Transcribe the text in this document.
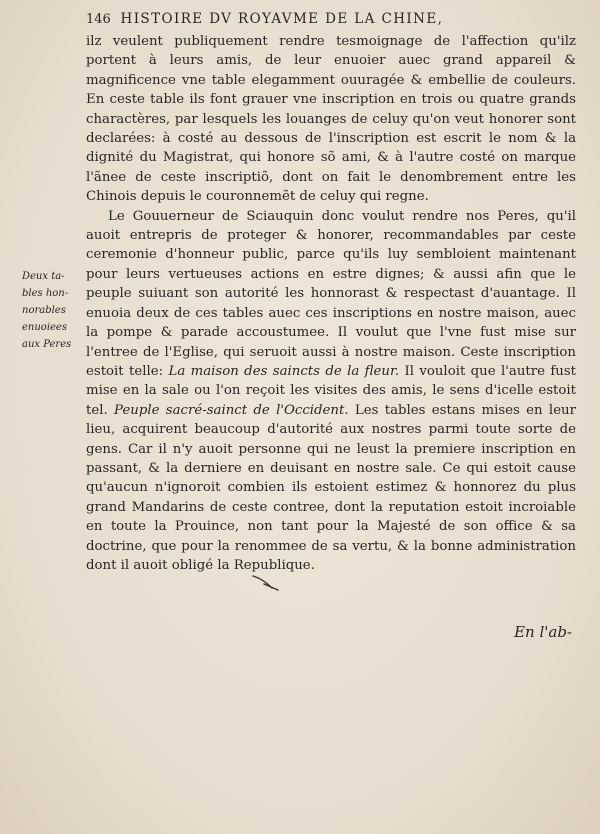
146 HISTOIRE DV ROYAVME DE LA CHINE,

ilz veulent publiquement rendre tesmoignage de l'affection qu'ilz portent à leurs amis, de leur enuoier auec grand appareil & magnificence vne table elegamment ouuragée & embellie de couleurs. En ceste table ils font grauer vne inscription en trois ou quatre grands charactères, par lesquels les louanges de celuy qu'on veut honorer sont declarées: à costé au dessous de l'inscription est escrit le nom & la dignité du Magistrat, qui honore sõ ami, & à l'autre costé on marque l'ãnee de ceste inscriptiõ, dont on fait le denombrement entre les Chinois depuis le couronnemẽt de celuy qui regne.

Le Gouuerneur de Sciauquin donc voulut rendre nos Peres, qu'il auoit entrepris de proteger & honorer, recommandables par ceste ceremonie d'honneur public, parce qu'ils luy sembloient maintenant pour leurs vertueuses actions en estre dignes; & aussi afin que le peuple suiuant son autorité les honnorast & respectast d'auantage. Il enuoia deux de ces tables auec ces inscriptions en nostre maison, auec la pompe & parade accoustumee. Il voulut que l'vne fust mise sur l'entree de l'Eglise, qui seruoit aussi à nostre maison. Ceste inscription estoit telle: La maison des saincts de la fleur. Il vouloit que l'autre fust mise en la sale ou l'on reçoit les visites des amis, le sens d'icelle estoit tel. Peuple sacré-sainct de l'Occident. Les tables estans mises en leur lieu, acquirent beaucoup d'autorité aux nostres parmi toute sorte de gens. Car il n'y auoit personne qui ne leust la premiere inscription en passant, & la derniere en deuisant en nostre sale. Ce qui estoit cause qu'aucun n'ignoroit combien ils estoient estimez & honnorez du plus grand Mandarins de ceste contree, dont la reputation estoit incroiable en toute la Prouince, non tant pour la Majesté de son office & sa doctrine, que pour la renommee de sa vertu, & la bonne administration dont il auoit obligé la Republique.

Deux ta-
bles hon-
norables
enuoiees
aux Peres
En l'ab-
